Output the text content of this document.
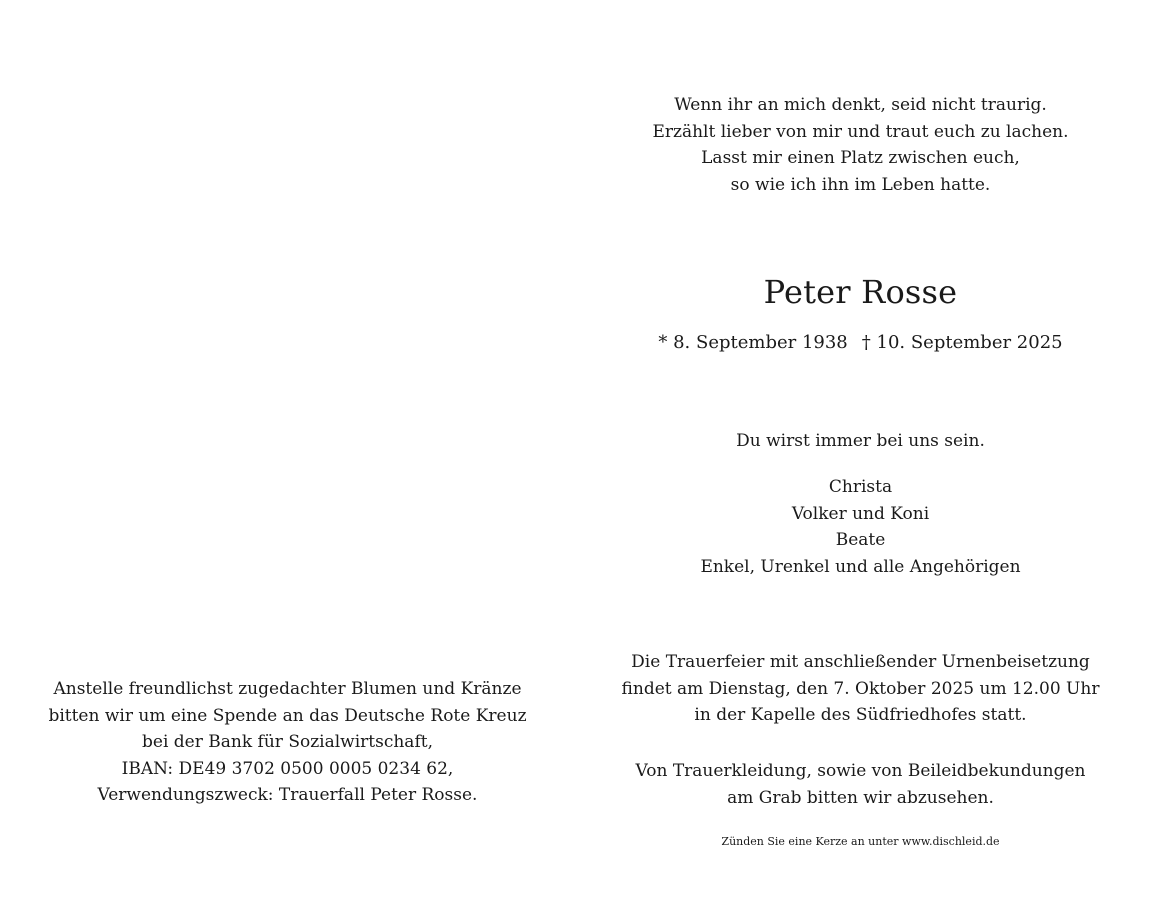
Anstelle freundlichst zugedachter Blumen und Kränze
bitten wir um eine Spende an das Deutsche Rote Kreuz
bei der Bank für Sozialwirtschaft,
IBAN: DE49 3702 0500 0005 0234 62,
Verwendungszweck: Trauerfall Peter Rosse.
Wenn ihr an mich denkt, seid nicht traurig.
Erzählt lieber von mir und traut euch zu lachen.
Lasst mir einen Platz zwischen euch,
so wie ich ihn im Leben hatte.
Peter Rosse
* 8. September 1938 † 10. September 2025
Du wirst immer bei uns sein.
Christa
Volker und Koni
Beate
Enkel, Urenkel und alle Angehörigen
Die Trauerfeier mit anschließender Urnenbeisetzung
findet am Dienstag, den 7. Oktober 2025 um 12.00 Uhr
in der Kapelle des Südfriedhofes statt.
Von Trauerkleidung, sowie von Beileidbekundungen
am Grab bitten wir abzusehen.
Zünden Sie eine Kerze an unter www.dischleid.de
